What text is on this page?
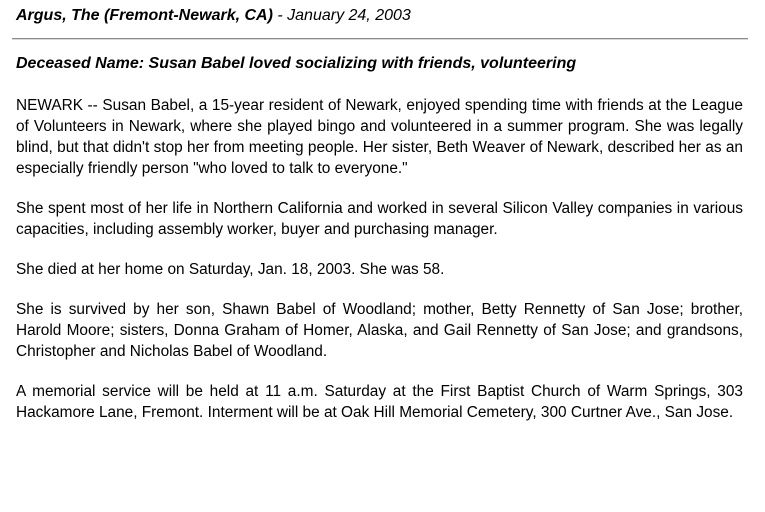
Argus, The (Fremont-Newark, CA) - January 24, 2003
Deceased Name: Susan Babel loved socializing with friends, volunteering

NEWARK -- Susan Babel, a 15-year resident of Newark, enjoyed spending time with friends at the League of Volunteers in Newark, where she played bingo and volunteered in a summer program. She was legally blind, but that didn't stop her from meeting people. Her sister, Beth Weaver of Newark, described her as an especially friendly person "who loved to talk to everyone."

She spent most of her life in Northern California and worked in several Silicon Valley companies in various capacities, including assembly worker, buyer and purchasing manager.

She died at her home on Saturday, Jan. 18, 2003. She was 58.

She is survived by her son, Shawn Babel of Woodland; mother, Betty Rennetty of San Jose; brother, Harold Moore; sisters, Donna Graham of Homer, Alaska, and Gail Rennetty of San Jose; and grandsons, Christopher and Nicholas Babel of Woodland.

A memorial service will be held at 11 a.m. Saturday at the First Baptist Church of Warm Springs, 303 Hackamore Lane, Fremont. Interment will be at Oak Hill Memorial Cemetery, 300 Curtner Ave., San Jose.
